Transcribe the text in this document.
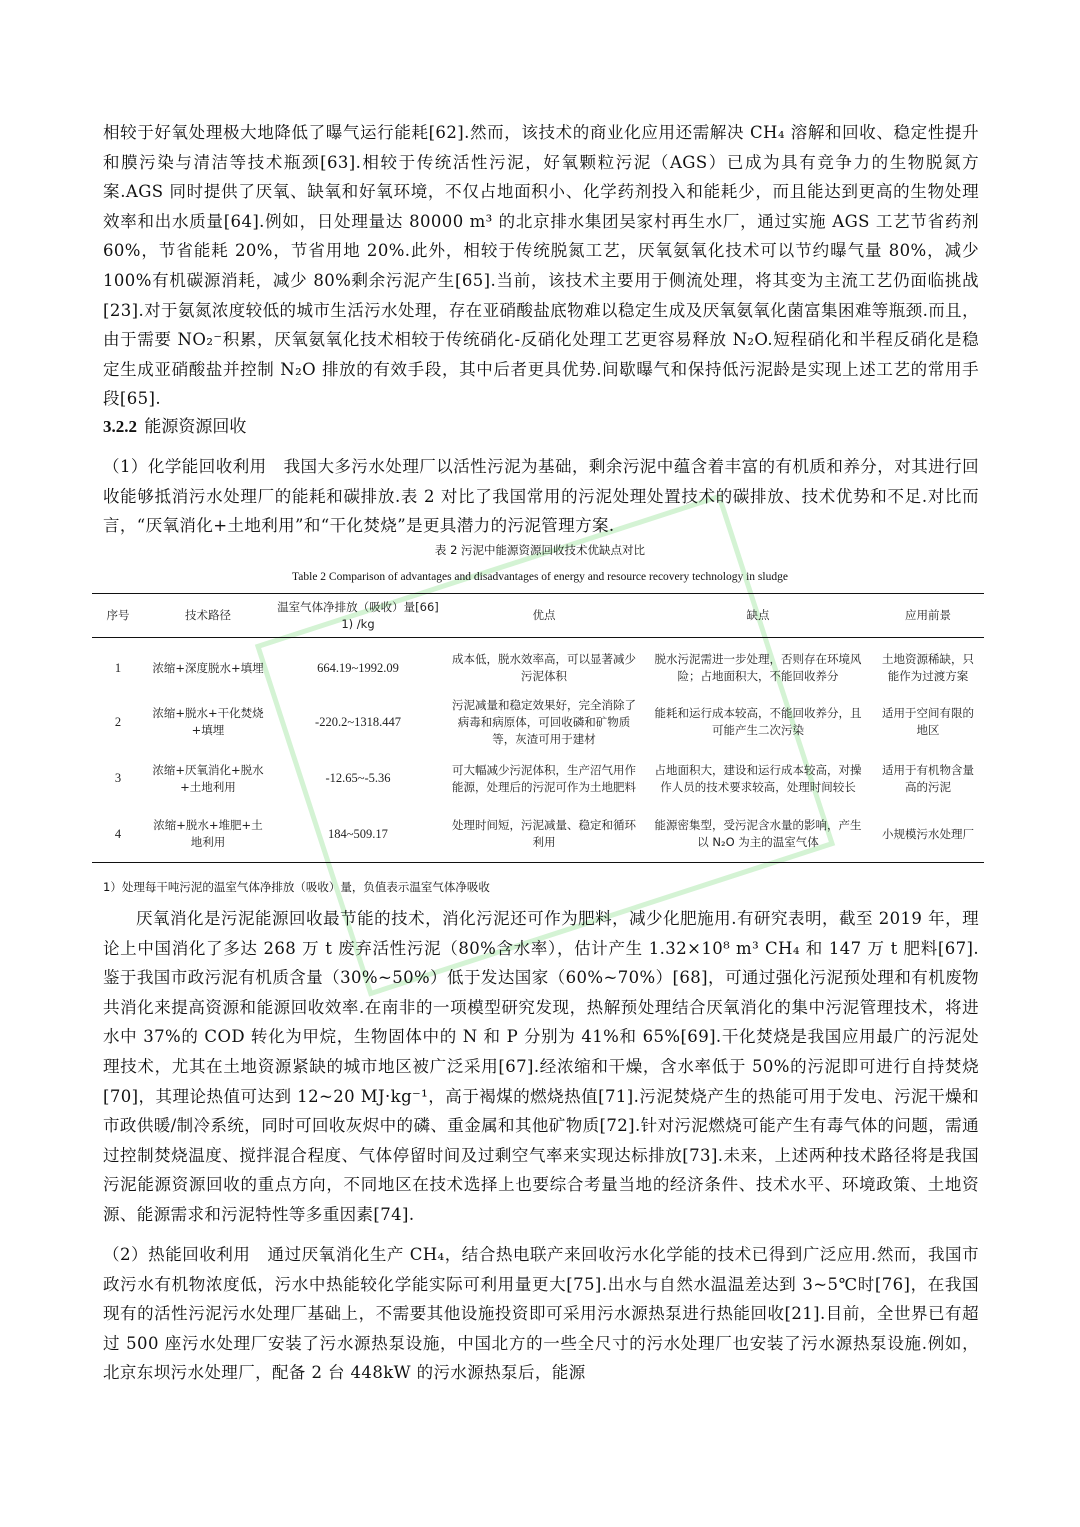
相较于好氧处理极大地降低了曝气运行能耗[62].然而，该技术的商业化应用还需解决 CH₄ 溶解和回收、稳定性提升和膜污染与清洁等技术瓶颈[63].相较于传统活性污泥，好氧颗粒污泥（AGS）已成为具有竞争力的生物脱氮方案.AGS 同时提供了厌氧、缺氧和好氧环境，不仅占地面积小、化学药剂投入和能耗少，而且能达到更高的生物处理效率和出水质量[64].例如，日处理量达 80000 m³ 的北京排水集团吴家村再生水厂，通过实施 AGS 工艺节省药剂 60%，节省能耗 20%，节省用地 20%.此外，相较于传统脱氮工艺，厌氧氨氧化技术可以节约曝气量 80%，减少 100%有机碳源消耗，减少 80%剩余污泥产生[65].当前，该技术主要用于侧流处理，将其变为主流工艺仍面临挑战[23].对于氨氮浓度较低的城市生活污水处理，存在亚硝酸盐底物难以稳定生成及厌氧氨氧化菌富集困难等瓶颈.而且，由于需要 NO₂⁻积累，厌氧氨氧化技术相较于传统硝化-反硝化处理工艺更容易释放 N₂O.短程硝化和半程反硝化是稳定生成亚硝酸盐并控制 N₂O 排放的有效手段，其中后者更具优势.间歇曝气和保持低污泥龄是实现上述工艺的常用手段[65].

3.2.2 能源资源回收

（1）化学能回收利用　我国大多污水处理厂以活性污泥为基础，剩余污泥中蕴含着丰富的有机质和养分，对其进行回收能够抵消污水处理厂的能耗和碳排放.表 2 对比了我国常用的污泥处理处置技术的碳排放、技术优势和不足.对比而言，“厌氧消化+土地利用”和“干化焚烧”是更具潜力的污泥管理方案.

表 2 污泥中能源资源回收技术优缺点对比

Table 2 Comparison of advantages and disadvantages of energy and resource recovery technology in sludge

序号	技术路径	温室气体净排放（吸收）量[66] 1) /kg	优点	缺点	应用前景
1	浓缩+深度脱水+填埋	664.19~1992.09	成本低，脱水效率高，可以显著减少污泥体积	脱水污泥需进一步处理，否则存在环境风险；占地面积大，不能回收养分	土地资源稀缺，只能作为过渡方案
2	浓缩+脱水+干化焚烧+填埋	-220.2~1318.447	污泥减量和稳定效果好，完全消除了病毒和病原体，可回收磷和矿物质等，灰渣可用于建材	能耗和运行成本较高，不能回收养分，且可能产生二次污染	适用于空间有限的地区
3	浓缩+厌氧消化+脱水+土地利用	-12.65~-5.36	可大幅减少污泥体积，生产沼气用作能源，处理后的污泥可作为土地肥料	占地面积大，建设和运行成本较高，对操作人员的技术要求较高，处理时间较长	适用于有机物含量高的污泥
4	浓缩+脱水+堆肥+土地利用	184~509.17	处理时间短，污泥减量、稳定和循环利用	能源密集型，受污泥含水量的影响，产生以 N₂O 为主的温室气体	小规模污水处理厂

1）处理每干吨污泥的温室气体净排放（吸收）量，负值表示温室气体净吸收

厌氧消化是污泥能源回收最节能的技术，消化污泥还可作为肥料，减少化肥施用.有研究表明，截至 2019 年，理论上中国消化了多达 268 万 t 废弃活性污泥（80%含水率），估计产生 1.32×10⁸ m³ CH₄ 和 147 万 t 肥料[67].鉴于我国市政污泥有机质含量（30%~50%）低于发达国家（60%~70%）[68]，可通过强化污泥预处理和有机废物共消化来提高资源和能源回收效率.在南非的一项模型研究发现，热解预处理结合厌氧消化的集中污泥管理技术，将进水中 37%的 COD 转化为甲烷，生物固体中的 N 和 P 分别为 41%和 65%[69].干化焚烧是我国应用最广的污泥处理技术，尤其在土地资源紧缺的城市地区被广泛采用[67].经浓缩和干燥，含水率低于 50%的污泥即可进行自持焚烧[70]，其理论热值可达到 12~20 MJ·kg⁻¹，高于褐煤的燃烧热值[71].污泥焚烧产生的热能可用于发电、污泥干燥和市政供暖/制冷系统，同时可回收灰烬中的磷、重金属和其他矿物质[72].针对污泥燃烧可能产生有毒气体的问题，需通过控制焚烧温度、搅拌混合程度、气体停留时间及过剩空气率来实现达标排放[73].未来，上述两种技术路径将是我国污泥能源资源回收的重点方向，不同地区在技术选择上也要综合考量当地的经济条件、技术水平、环境政策、土地资源、能源需求和污泥特性等多重因素[74].

（2）热能回收利用　通过厌氧消化生产 CH₄，结合热电联产来回收污水化学能的技术已得到广泛应用.然而，我国市政污水有机物浓度低，污水中热能较化学能实际可利用量更大[75].出水与自然水温温差达到 3~5℃时[76]，在我国现有的活性污泥污水处理厂基础上，不需要其他设施投资即可采用污水源热泵进行热能回收[21].目前，全世界已有超过 500 座污水处理厂安装了污水源热泵设施，中国北方的一些全尺寸的污水处理厂也安装了污水源热泵设施.例如，北京东坝污水处理厂，配备 2 台 448kW 的污水源热泵后，能源
